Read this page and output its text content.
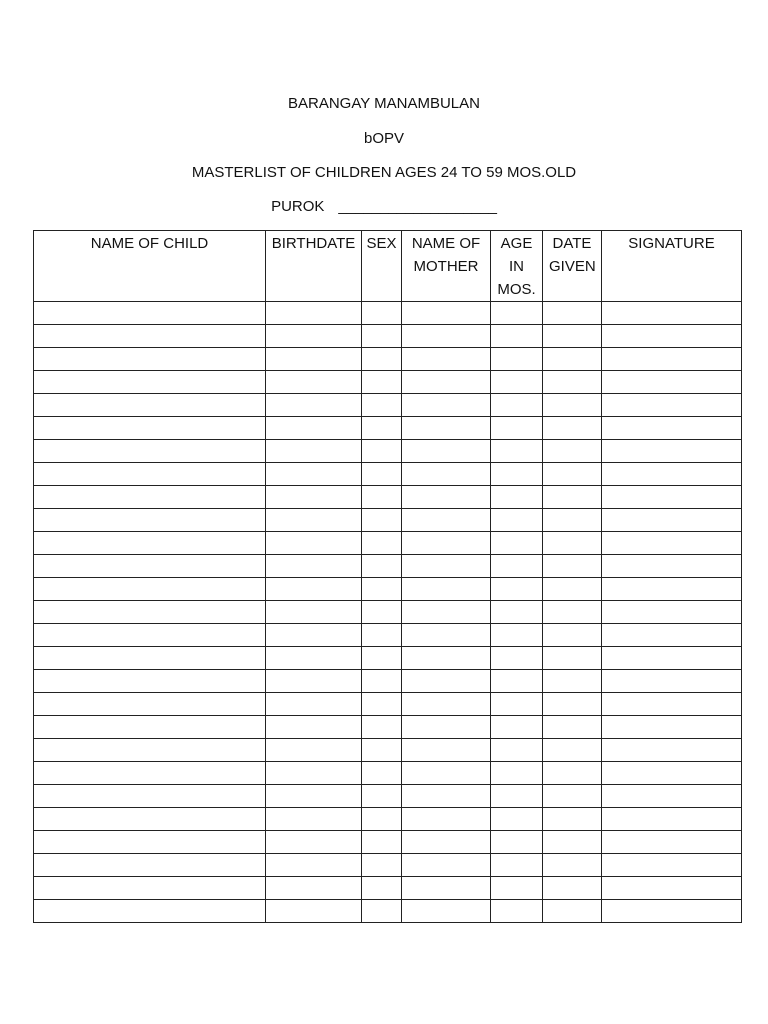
BARANGAY MANAMBULAN
bOPV
MASTERLIST OF CHILDREN AGES 24 TO 59 MOS.OLD
PUROK ___________________
NAME OF CHILD	BIRTHDATE	SEX	NAME OF MOTHER	AGE IN MOS.	DATE GIVEN	SIGNATURE
